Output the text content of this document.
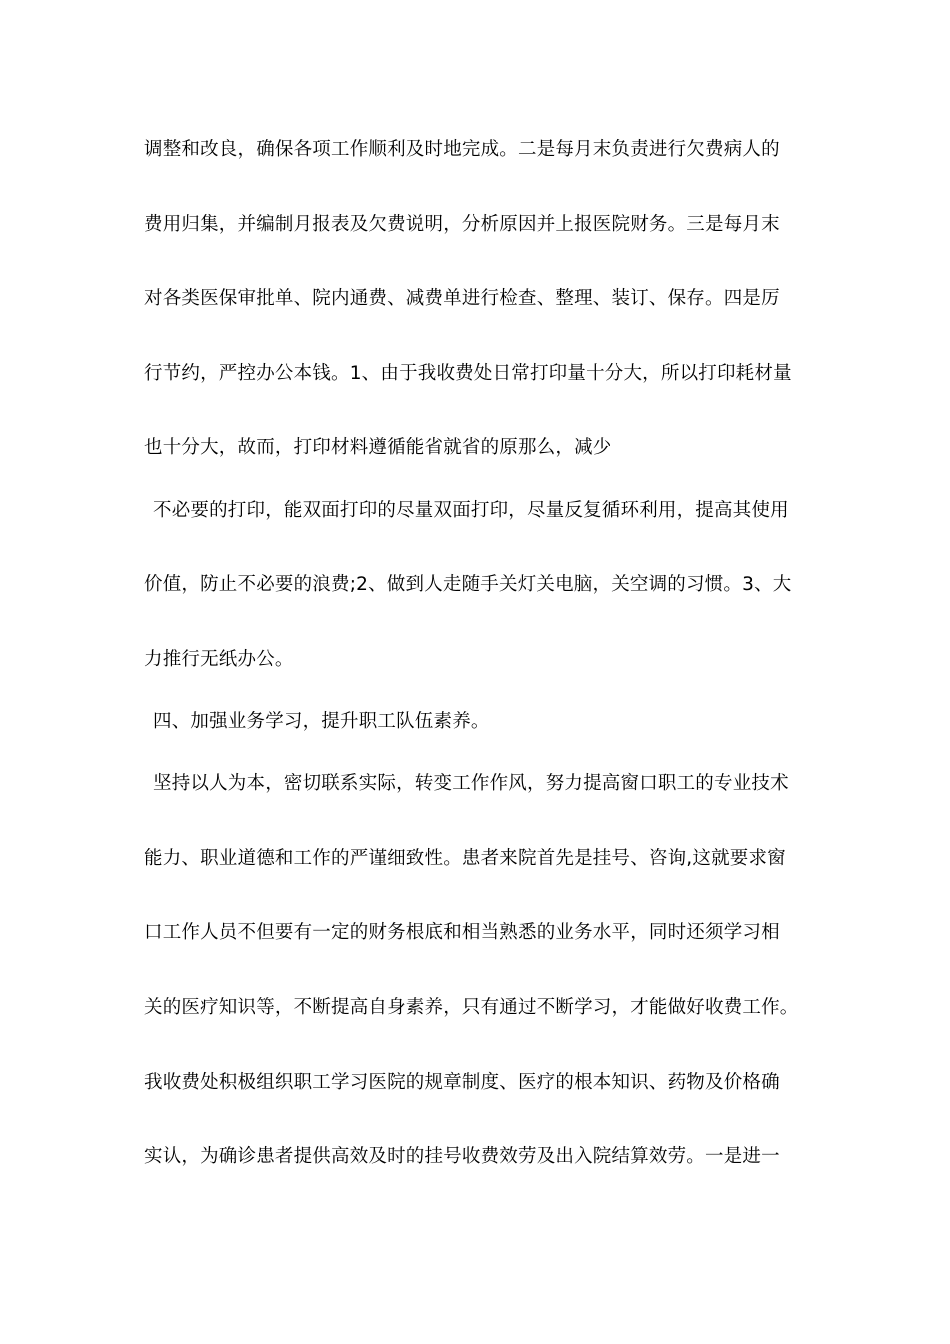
调整和改良，确保各项工作顺利及时地完成。二是每月末负责进行欠费病人的
费用归集，并编制月报表及欠费说明，分析原因并上报医院财务。三是每月末
对各类医保审批单、院内通费、减费单进行检查、整理、装订、保存。四是厉
行节约，严控办公本钱。1、由于我收费处日常打印量十分大，所以打印耗材量
也十分大，故而，打印材料遵循能省就省的原那么，减少
不必要的打印，能双面打印的尽量双面打印，尽量反复循环利用，提高其使用
价值，防止不必要的浪费;2、做到人走随手关灯关电脑，关空调的习惯。3、大
力推行无纸办公。
四、加强业务学习，提升职工队伍素养。
坚持以人为本，密切联系实际，转变工作作风，努力提高窗口职工的专业技术
能力、职业道德和工作的严谨细致性。患者来院首先是挂号、咨询,这就要求窗
口工作人员不但要有一定的财务根底和相当熟悉的业务水平，同时还须学习相
关的医疗知识等，不断提高自身素养，只有通过不断学习，才能做好收费工作。
我收费处积极组织职工学习医院的规章制度、医疗的根本知识、药物及价格确
实认，为确诊患者提供高效及时的挂号收费效劳及出入院结算效劳。一是进一
